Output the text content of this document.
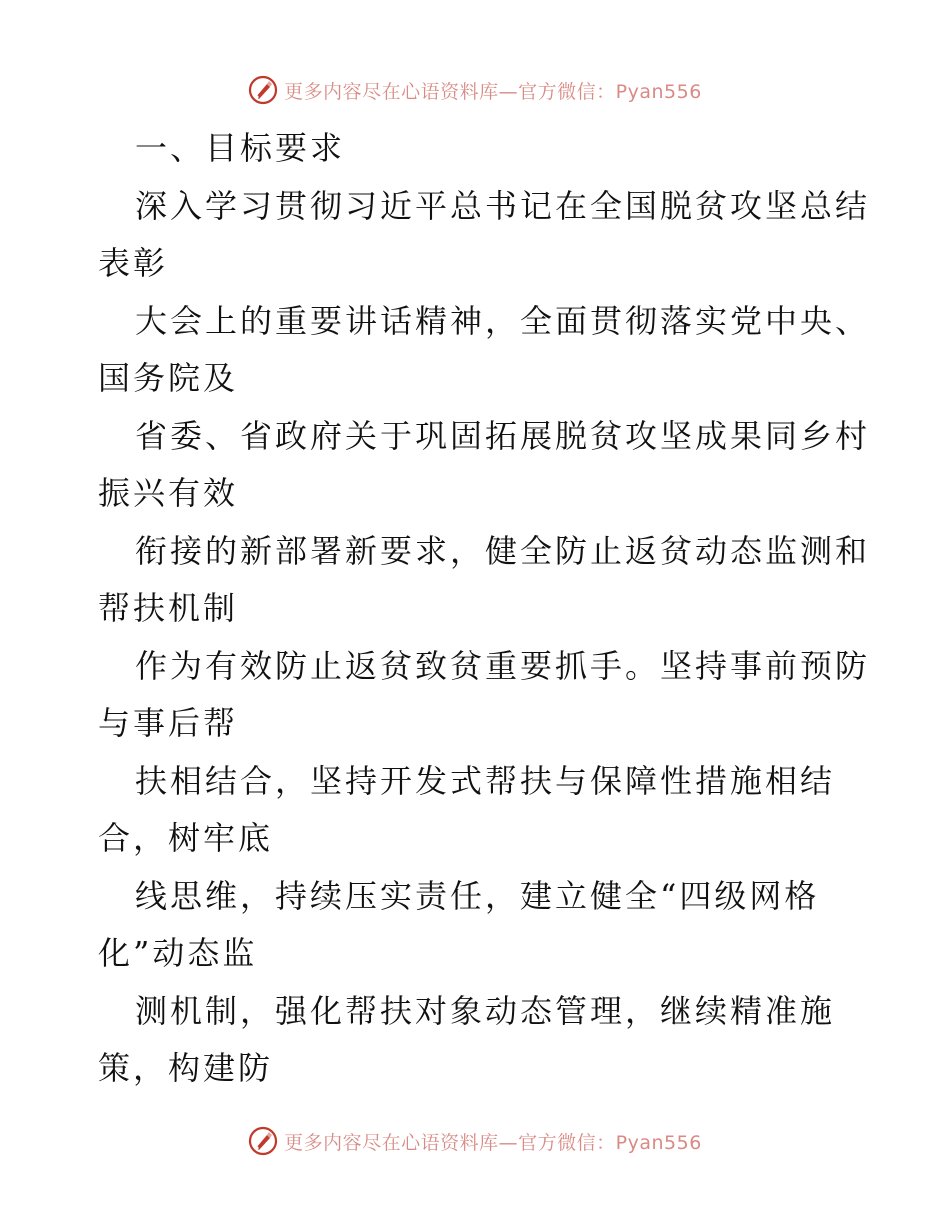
更多内容尽在心语资料库—官方微信：Pyan556
一、目标要求
深入学习贯彻习近平总书记在全国脱贫攻坚总结
表彰
大会上的重要讲话精神，全面贯彻落实党中央、
国务院及
省委、省政府关于巩固拓展脱贫攻坚成果同乡村
振兴有效
衔接的新部署新要求，健全防止返贫动态监测和
帮扶机制
作为有效防止返贫致贫重要抓手。坚持事前预防
与事后帮
扶相结合，坚持开发式帮扶与保障性措施相结
合，树牢底
线思维，持续压实责任，建立健全“四级网格
化”动态监
测机制，强化帮扶对象动态管理，继续精准施
策，构建防
更多内容尽在心语资料库—官方微信：Pyan556
